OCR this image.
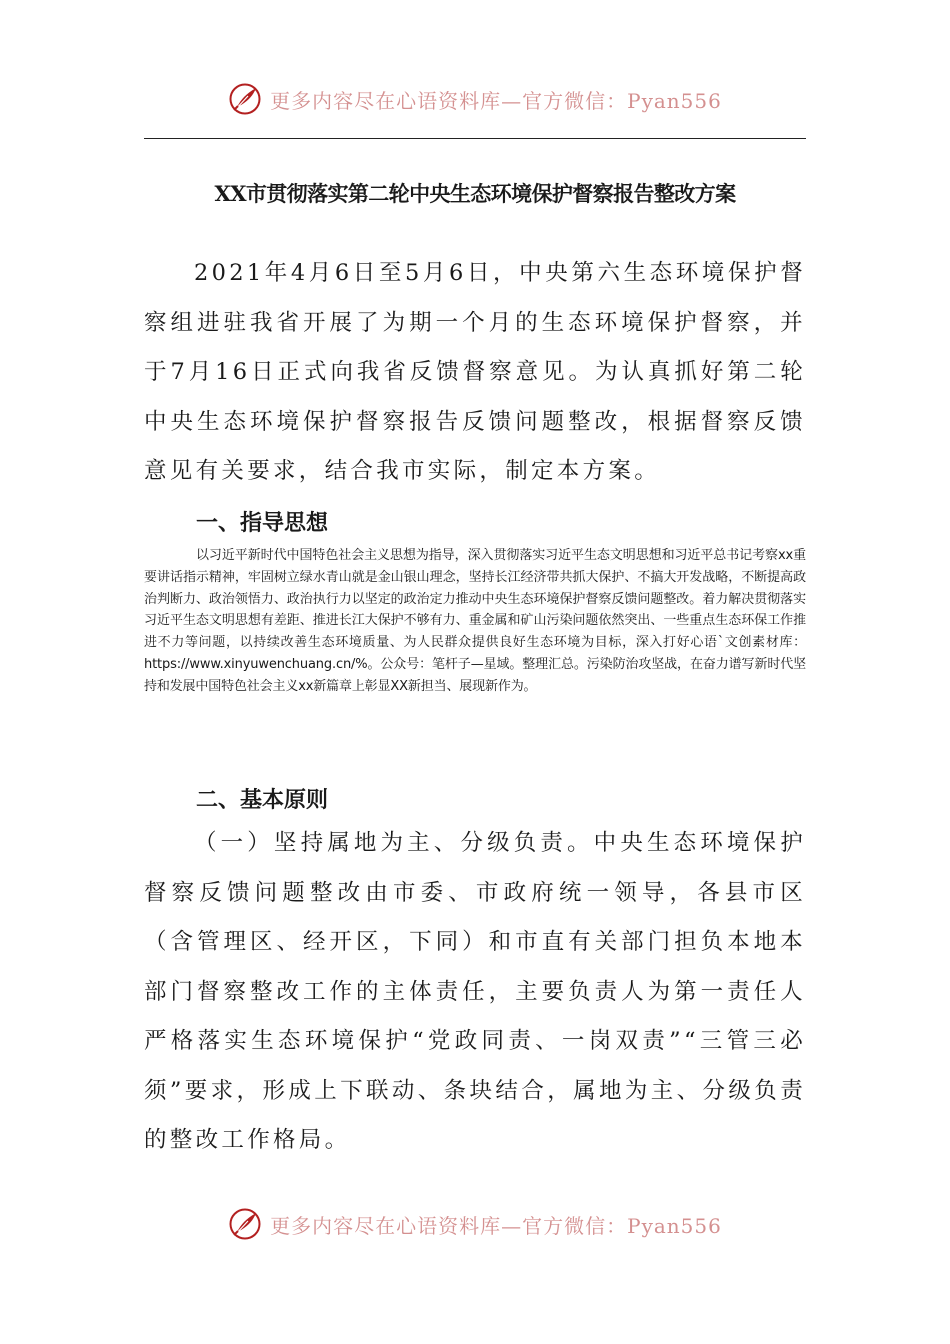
更多内容尽在心语资料库—官方微信：Pyan556
XX市贯彻落实第二轮中央生态环境保护督察报告整改方案

2021年4月6日至5月6日，中央第六生态环境保护督察组进驻我省开展了为期一个月的生态环境保护督察，并于7月16日正式向我省反馈督察意见。为认真抓好第二轮中央生态环境保护督察报告反馈问题整改，根据督察反馈意见有关要求，结合我市实际，制定本方案。

一、指导思想

以习近平新时代中国特色社会主义思想为指导，深入贯彻落实习近平生态文明思想和习近平总书记考察xx重要讲话指示精神，牢固树立绿水青山就是金山银山理念，坚持长江经济带共抓大保护、不搞大开发战略，不断提高政治判断力、政治领悟力、政治执行力以坚定的政治定力推动中央生态环境保护督察反馈问题整改。着力解决贯彻落实习近平生态文明思想有差距、推进长江大保护不够有力、重金属和矿山污染问题依然突出、一些重点生态环保工作推进不力等问题，以持续改善生态环境质量、为人民群众提供良好生态环境为目标，深入打好心语`文创素材库：https://www.xinyuwenchuang.cn/%。公众号：笔杆子—星域。整理汇总。污染防治攻坚战，在奋力谱写新时代坚持和发展中国特色社会主义xx新篇章上彰显XX新担当、展现新作为。

二、基本原则

（一）坚持属地为主、分级负责。中央生态环境保护督察反馈问题整改由市委、市政府统一领导，各县市区（含管理区、经开区，下同）和市直有关部门担负本地本部门督察整改工作的主体责任，主要负责人为第一责任人严格落实生态环境保护“党政同责、一岗双责”“三管三必须”要求，形成上下联动、条块结合，属地为主、分级负责的整改工作格局。

更多内容尽在心语资料库—官方微信：Pyan556
